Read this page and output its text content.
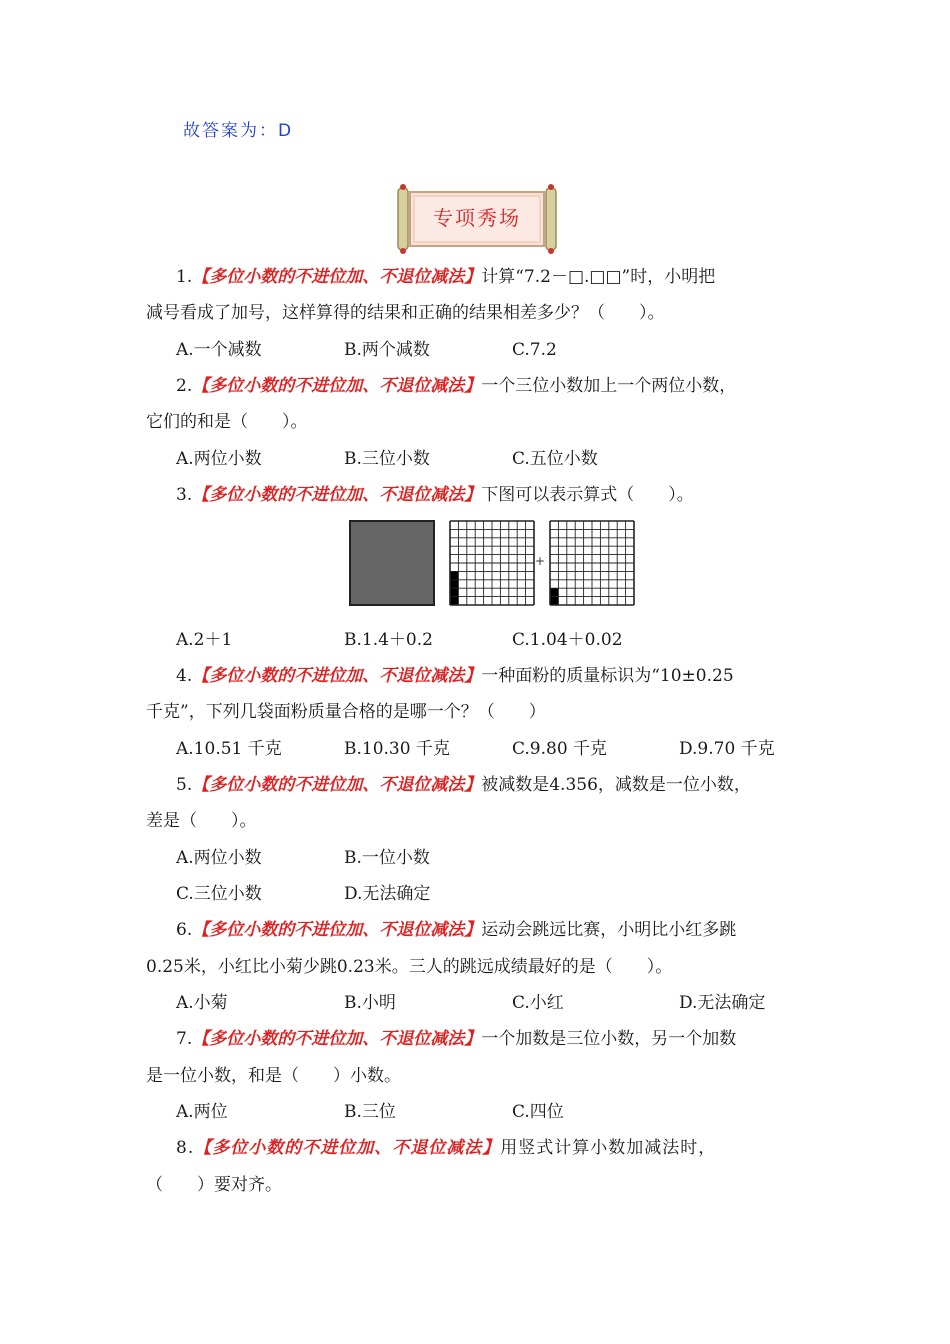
故答案为：D
专项秀场
1.【多位小数的不进位加、不退位减法】计算“7.2－□.□□”时，小明把
减号看成了加号，这样算得的结果和正确的结果相差多少？（　　）。
A.一个减数	B.两个减数	C.7.2
2.【多位小数的不进位加、不退位减法】一个三位小数加上一个两位小数，
它们的和是（　　）。
A.两位小数	B.三位小数	C.五位小数
3.【多位小数的不进位加、不退位减法】下图可以表示算式（　　）。
+
A.2＋1	B.1.4＋0.2	C.1.04＋0.02
4.【多位小数的不进位加、不退位减法】一种面粉的质量标识为“10±0.25
千克”，下列几袋面粉质量合格的是哪一个？（　　）
A.10.51 千克	B.10.30 千克	C.9.80 千克	D.9.70 千克
5.【多位小数的不进位加、不退位减法】被减数是4.356，减数是一位小数，
差是（　　）。
A.两位小数	B.一位小数
C.三位小数	D.无法确定
6.【多位小数的不进位加、不退位减法】运动会跳远比赛，小明比小红多跳
0.25米，小红比小菊少跳0.23米。三人的跳远成绩最好的是（　　）。
A.小菊	B.小明	C.小红	D.无法确定
7.【多位小数的不进位加、不退位减法】一个加数是三位小数，另一个加数
是一位小数，和是（　　）小数。
A.两位	B.三位	C.四位
8.【多位小数的不进位加、不退位减法】用竖式计算小数加减法时，
（　　）要对齐。
